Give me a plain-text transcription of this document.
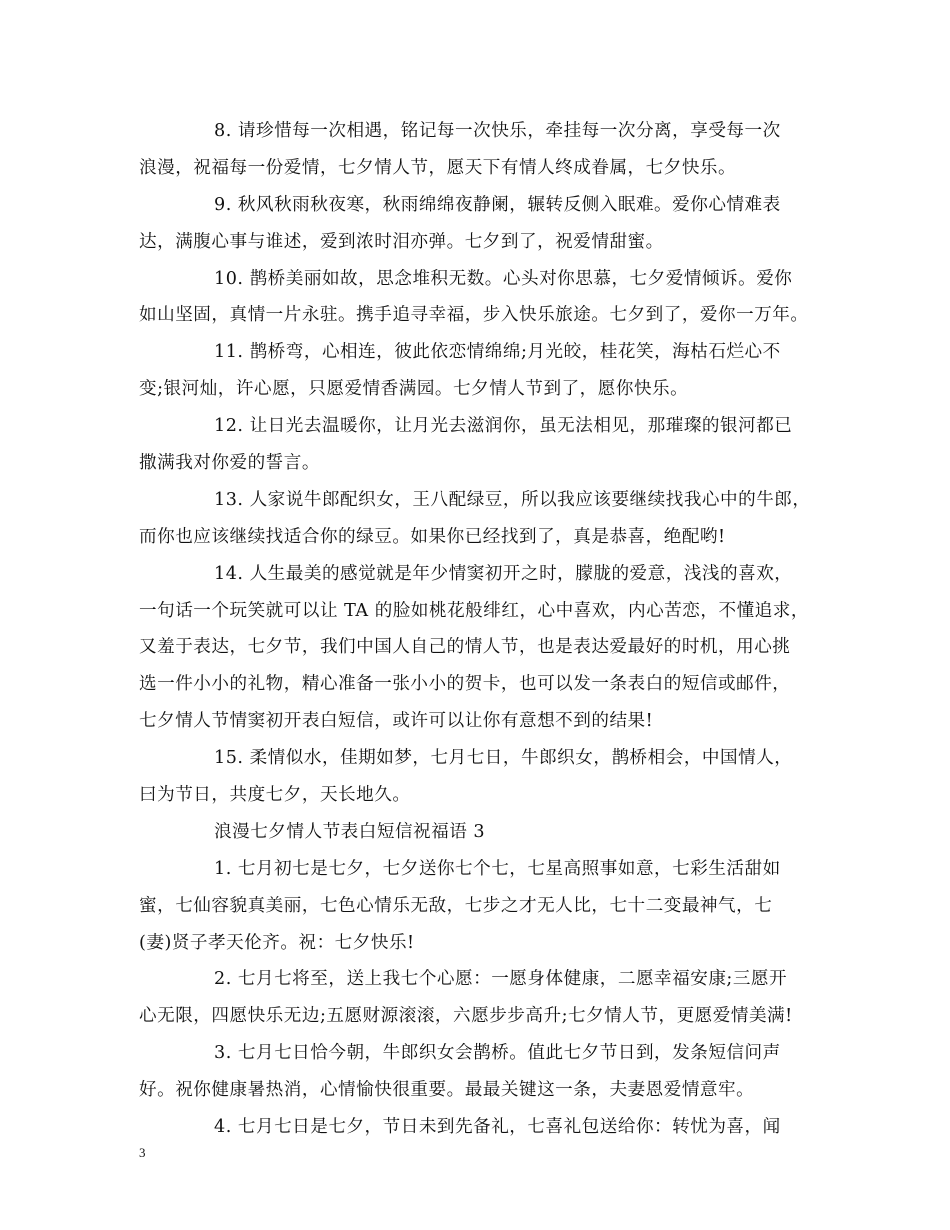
8. 请珍惜每一次相遇，铭记每一次快乐，牵挂每一次分离，享受每一次
浪漫，祝福每一份爱情，七夕情人节，愿天下有情人终成眷属，七夕快乐。
9. 秋风秋雨秋夜寒，秋雨绵绵夜静阑，辗转反侧入眠难。爱你心情难表
达，满腹心事与谁述，爱到浓时泪亦弹。七夕到了，祝爱情甜蜜。
10. 鹊桥美丽如故，思念堆积无数。心头对你思慕，七夕爱情倾诉。爱你
如山坚固，真情一片永驻。携手追寻幸福，步入快乐旅途。七夕到了，爱你一万年。
11. 鹊桥弯，心相连，彼此依恋情绵绵;月光皎，桂花笑，海枯石烂心不
变;银河灿，许心愿，只愿爱情香满园。七夕情人节到了，愿你快乐。
12. 让日光去温暖你，让月光去滋润你，虽无法相见，那璀璨的银河都已
撒满我对你爱的誓言。
13. 人家说牛郎配织女，王八配绿豆，所以我应该要继续找我心中的牛郎，
而你也应该继续找适合你的绿豆。如果你已经找到了，真是恭喜，绝配哟!
14. 人生最美的感觉就是年少情窦初开之时，朦胧的爱意，浅浅的喜欢，
一句话一个玩笑就可以让 TA 的脸如桃花般绯红，心中喜欢，内心苦恋，不懂追求，
又羞于表达，七夕节，我们中国人自己的情人节，也是表达爱最好的时机，用心挑
选一件小小的礼物，精心准备一张小小的贺卡，也可以发一条表白的短信或邮件，
七夕情人节情窦初开表白短信，或许可以让你有意想不到的结果!
15. 柔情似水，佳期如梦，七月七日，牛郎织女，鹊桥相会，中国情人，
曰为节日，共度七夕，天长地久。
浪漫七夕情人节表白短信祝福语 3
1. 七月初七是七夕，七夕送你七个七，七星高照事如意，七彩生活甜如
蜜，七仙容貌真美丽，七色心情乐无敌，七步之才无人比，七十二变最神气，七
(妻)贤子孝天伦齐。祝：七夕快乐!
2. 七月七将至，送上我七个心愿：一愿身体健康，二愿幸福安康;三愿开
心无限，四愿快乐无边;五愿财源滚滚，六愿步步高升;七夕情人节，更愿爱情美满!
3. 七月七日恰今朝，牛郎织女会鹊桥。值此七夕节日到，发条短信问声
好。祝你健康暑热消，心情愉快很重要。最最关键这一条，夫妻恩爱情意牢。
4. 七月七日是七夕，节日未到先备礼，七喜礼包送给你：转忧为喜，闻
3
